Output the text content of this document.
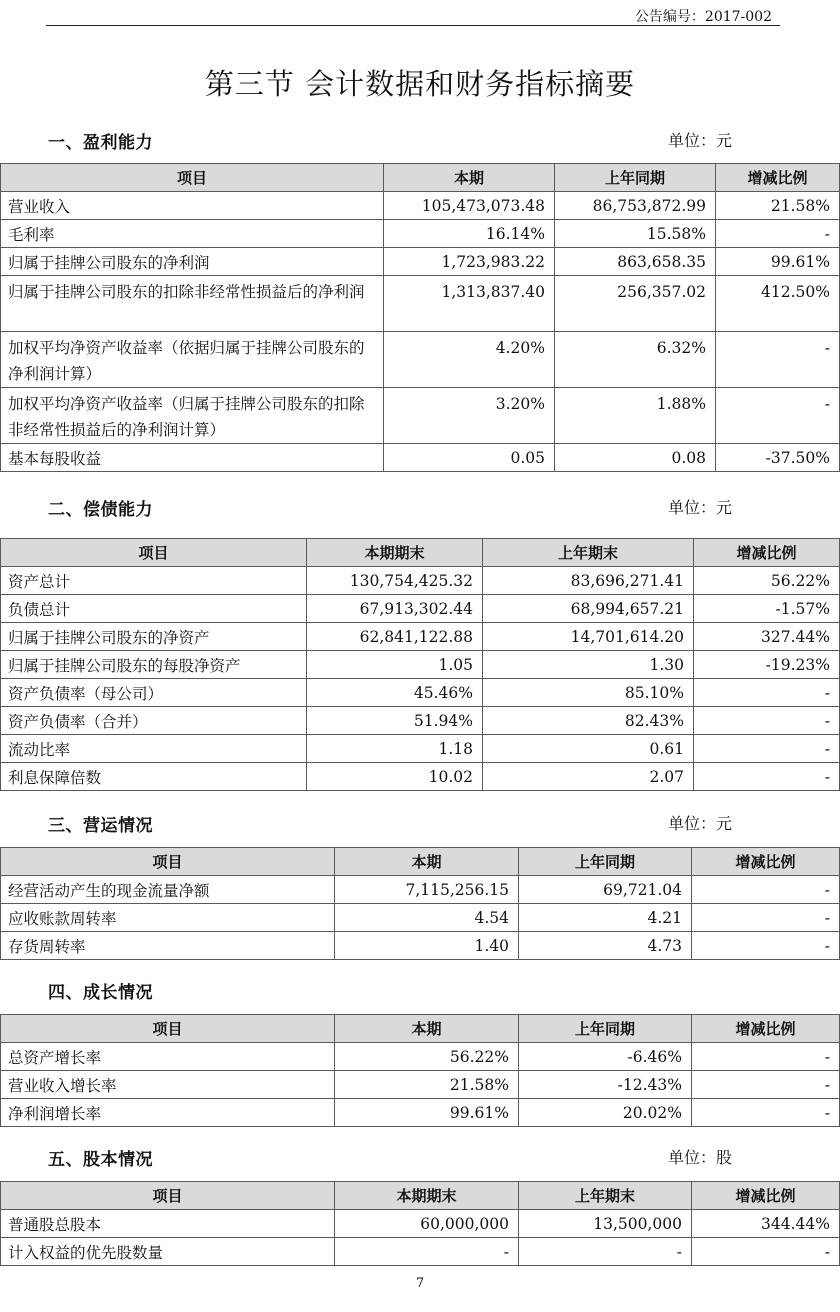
公告编号：2017-002
第三节 会计数据和财务指标摘要
一、盈利能力	单位：元
项目	本期	上年同期	增减比例
营业收入	105,473,073.48	86,753,872.99	21.58%
毛利率	16.14%	15.58%	-
归属于挂牌公司股东的净利润	1,723,983.22	863,658.35	99.61%
归属于挂牌公司股东的扣除非经常性损益后的净利润	1,313,837.40	256,357.02	412.50%
加权平均净资产收益率（依据归属于挂牌公司股东的净利润计算）	4.20%	6.32%	-
加权平均净资产收益率（归属于挂牌公司股东的扣除非经常性损益后的净利润计算）	3.20%	1.88%	-
基本每股收益	0.05	0.08	-37.50%
二、偿债能力	单位：元
项目	本期期末	上年期末	增减比例
资产总计	130,754,425.32	83,696,271.41	56.22%
负债总计	67,913,302.44	68,994,657.21	-1.57%
归属于挂牌公司股东的净资产	62,841,122.88	14,701,614.20	327.44%
归属于挂牌公司股东的每股净资产	1.05	1.30	-19.23%
资产负债率（母公司）	45.46%	85.10%	-
资产负债率（合并）	51.94%	82.43%	-
流动比率	1.18	0.61	-
利息保障倍数	10.02	2.07	-
三、营运情况	单位：元
项目	本期	上年同期	增减比例
经营活动产生的现金流量净额	7,115,256.15	69,721.04	-
应收账款周转率	4.54	4.21	-
存货周转率	1.40	4.73	-
四、成长情况
项目	本期	上年同期	增减比例
总资产增长率	56.22%	-6.46%	-
营业收入增长率	21.58%	-12.43%	-
净利润增长率	99.61%	20.02%	-
五、股本情况	单位：股
项目	本期期末	上年期末	增减比例
普通股总股本	60,000,000	13,500,000	344.44%
计入权益的优先股数量	-	-	-
7
